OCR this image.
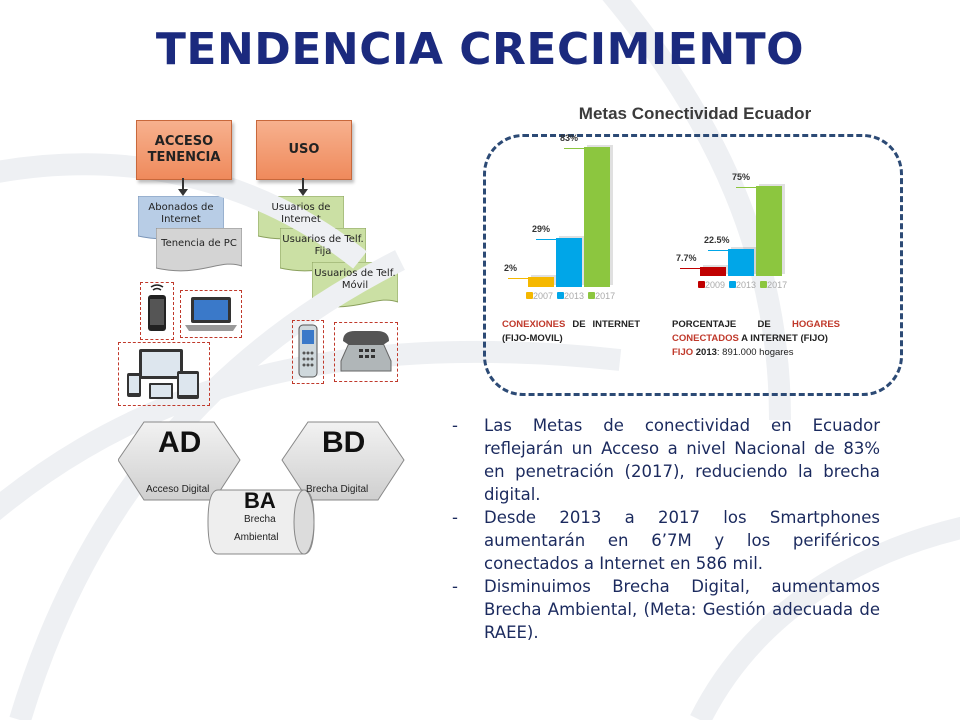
TENDENCIA CRECIMIENTO
ACCESO TENENCIA
USO
Abonados de Internet
Tenencia de PC
Usuarios de Internet
Usuarios de Telf. Fija
Usuarios de Telf. Móvil
AD
Acceso Digital
BD
Brecha Digital
BA
Brecha
Ambiental
Metas Conectividad Ecuador
2%
29%
83%
2007	2013	2017
7.7%
22.5%
75%
2009	2013	2017
CONEXIONES DE INTERNET (FIJO-MOVIL)
PORCENTAJE DE HOGARES CONECTADOS A INTERNET (FIJO)
FIJO 2013: 891.000 hogares
- Las Metas de conectividad en Ecuador reflejarán un Acceso a nivel Nacional de 83% en penetración (2017), reduciendo la brecha digital.
- Desde 2013 a 2017 los Smartphones aumentarán en 6’7M y los periféricos conectados a Internet en 586 mil.
- Disminuimos Brecha Digital, aumentamos Brecha Ambiental, (Meta: Gestión adecuada de RAEE).
